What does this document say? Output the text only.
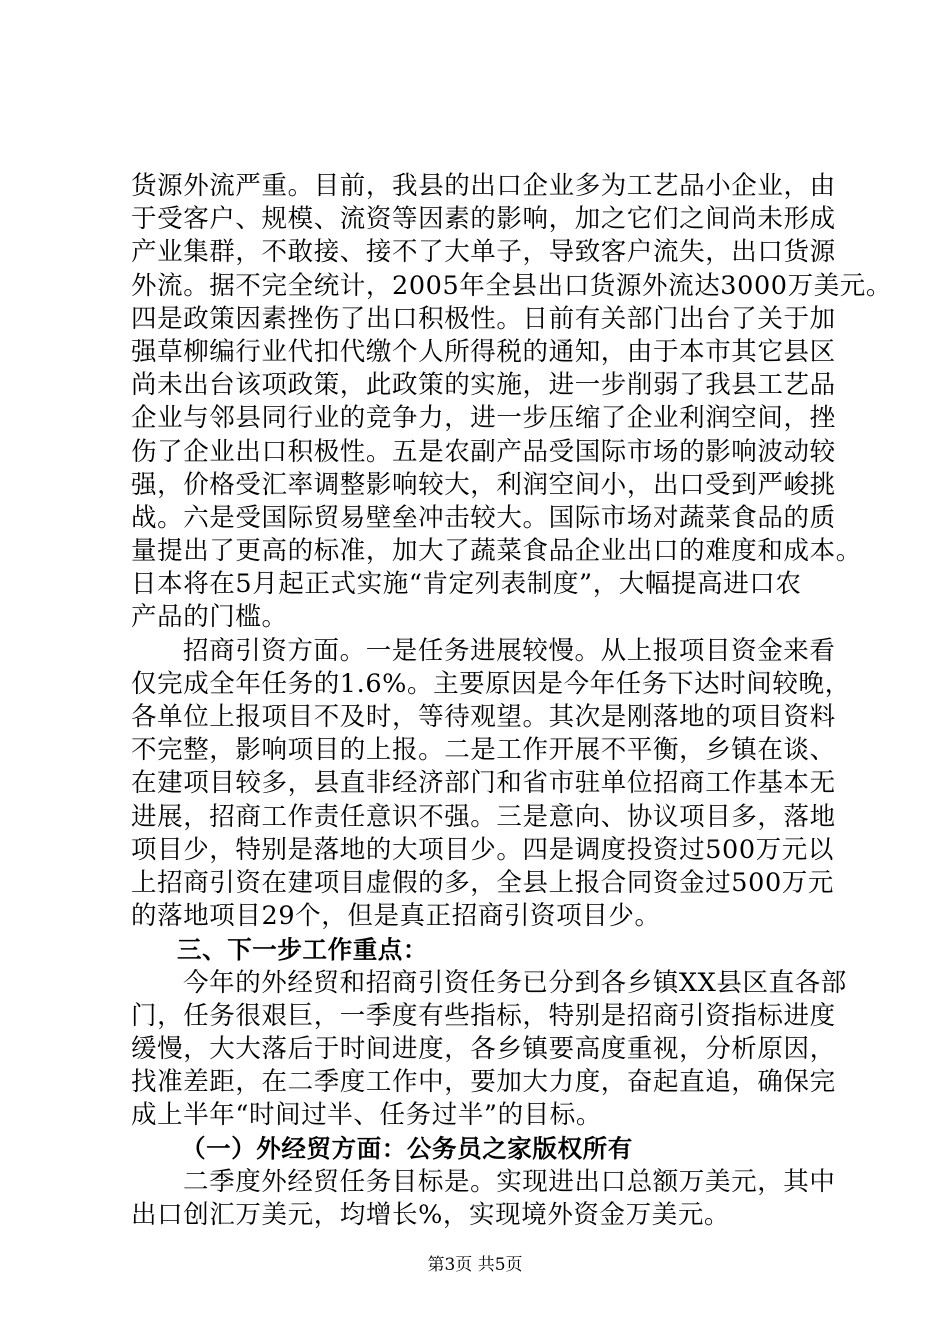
货源外流严重。目前，我县的出口企业多为工艺品小企业，由
于受客户、规模、流资等因素的影响，加之它们之间尚未形成
产业集群，不敢接、接不了大单子，导致客户流失，出口货源
外流。据不完全统计，2005年全县出口货源外流达3000万美元。
四是政策因素挫伤了出口积极性。日前有关部门出台了关于加
强草柳编行业代扣代缴个人所得税的通知，由于本市其它县区
尚未出台该项政策，此政策的实施，进一步削弱了我县工艺品
企业与邻县同行业的竞争力，进一步压缩了企业利润空间，挫
伤了企业出口积极性。五是农副产品受国际市场的影响波动较
强，价格受汇率调整影响较大，利润空间小，出口受到严峻挑
战。六是受国际贸易壁垒冲击较大。国际市场对蔬菜食品的质
量提出了更高的标准，加大了蔬菜食品企业出口的难度和成本。
日本将在5月起正式实施“肯定列表制度”，大幅提高进口农
产品的门槛。
招商引资方面。一是任务进展较慢。从上报项目资金来看
仅完成全年任务的1.6%。主要原因是今年任务下达时间较晚，
各单位上报项目不及时，等待观望。其次是刚落地的项目资料
不完整，影响项目的上报。二是工作开展不平衡，乡镇在谈、
在建项目较多，县直非经济部门和省市驻单位招商工作基本无
进展，招商工作责任意识不强。三是意向、协议项目多，落地
项目少，特别是落地的大项目少。四是调度投资过500万元以
上招商引资在建项目虚假的多，全县上报合同资金过500万元
的落地项目29个，但是真正招商引资项目少。
三、下一步工作重点：
今年的外经贸和招商引资任务已分到各乡镇XX县区直各部
门，任务很艰巨，一季度有些指标，特别是招商引资指标进度
缓慢，大大落后于时间进度，各乡镇要高度重视，分析原因，
找准差距，在二季度工作中，要加大力度，奋起直追，确保完
成上半年“时间过半、任务过半”的目标。
（一）外经贸方面：公务员之家版权所有
二季度外经贸任务目标是。实现进出口总额万美元，其中
出口创汇万美元，均增长%，实现境外资金万美元。
第3页 共5页
